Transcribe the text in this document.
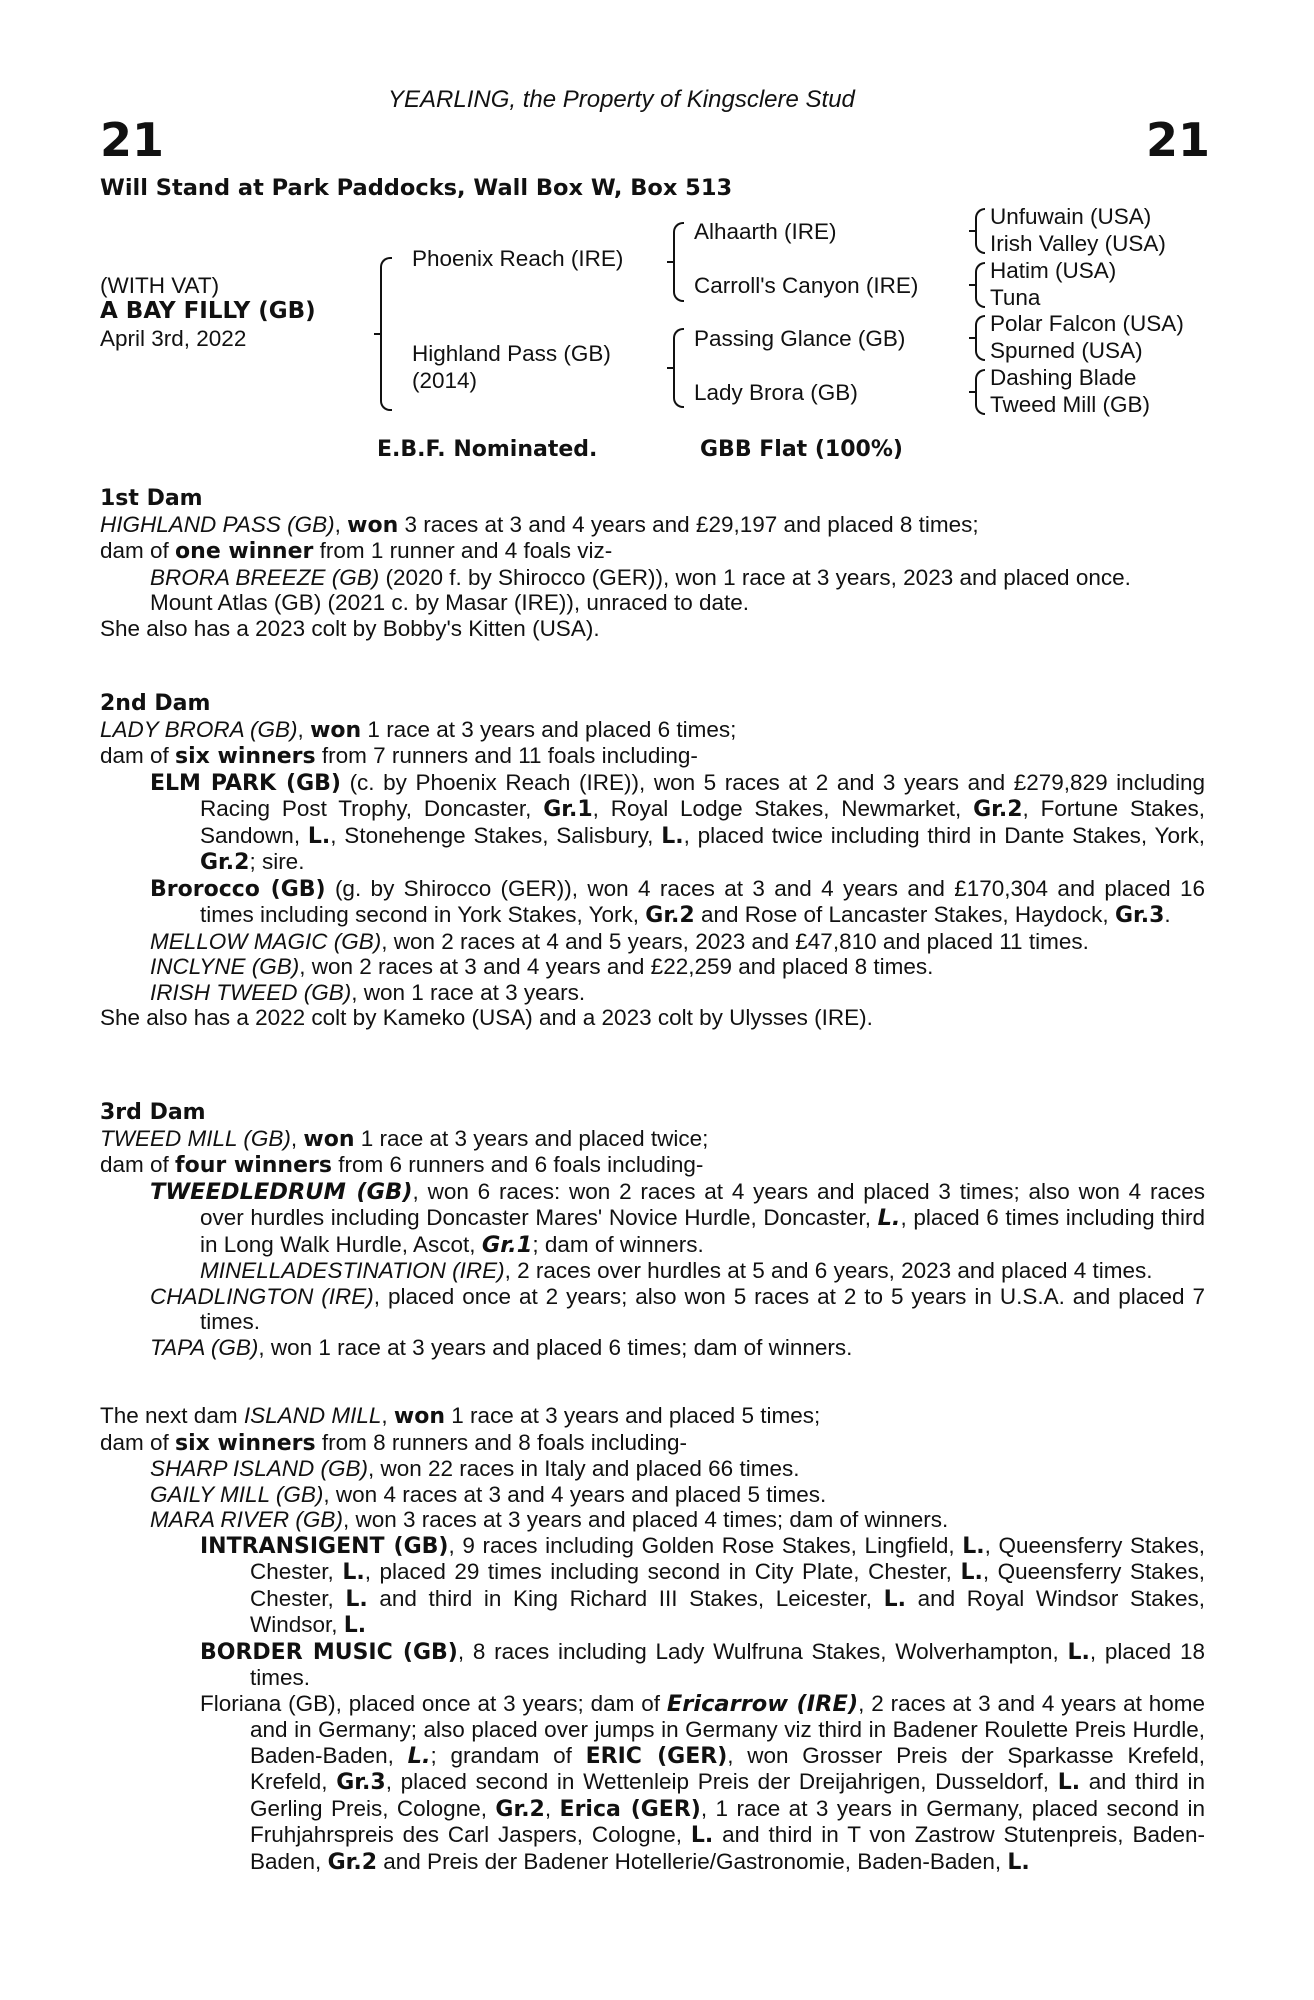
YEARLING, the Property of Kingsclere Stud
21	21
Will Stand at Park Paddocks, Wall Box W, Box 513
(WITH VAT)
A BAY FILLY (GB)
April 3rd, 2022
Phoenix Reach (IRE)
Highland Pass (GB)
(2014)
Alhaarth (IRE)
Carroll's Canyon (IRE)
Passing Glance (GB)
Lady Brora (GB)
Unfuwain (USA)
Irish Valley (USA)
Hatim (USA)
Tuna
Polar Falcon (USA)
Spurned (USA)
Dashing Blade
Tweed Mill (GB)
E.B.F. Nominated.	GBB Flat (100%)

1st Dam

HIGHLAND PASS (GB), won 3 races at 3 and 4 years and £29,197 and placed 8 times;

dam of one winner from 1 runner and 4 foals viz-

BRORA BREEZE (GB) (2020 f. by Shirocco (GER)), won 1 race at 3 years, 2023 and placed once.

Mount Atlas (GB) (2021 c. by Masar (IRE)), unraced to date.

She also has a 2023 colt by Bobby's Kitten (USA).

2nd Dam

LADY BRORA (GB), won 1 race at 3 years and placed 6 times;

dam of six winners from 7 runners and 11 foals including-

ELM PARK (GB) (c. by Phoenix Reach (IRE)), won 5 races at 2 and 3 years and £279,829 including Racing Post Trophy, Doncaster, Gr.1, Royal Lodge Stakes, Newmarket, Gr.2, Fortune Stakes, Sandown, L., Stonehenge Stakes, Salisbury, L., placed twice including third in Dante Stakes, York, Gr.2; sire.

Brorocco (GB) (g. by Shirocco (GER)), won 4 races at 3 and 4 years and £170,304 and placed 16 times including second in York Stakes, York, Gr.2 and Rose of Lancaster Stakes, Haydock, Gr.3.

MELLOW MAGIC (GB), won 2 races at 4 and 5 years, 2023 and £47,810 and placed 11 times.

INCLYNE (GB), won 2 races at 3 and 4 years and £22,259 and placed 8 times.

IRISH TWEED (GB), won 1 race at 3 years.

She also has a 2022 colt by Kameko (USA) and a 2023 colt by Ulysses (IRE).

3rd Dam

TWEED MILL (GB), won 1 race at 3 years and placed twice;

dam of four winners from 6 runners and 6 foals including-

TWEEDLEDRUM (GB), won 6 races: won 2 races at 4 years and placed 3 times; also won 4 races over hurdles including Doncaster Mares' Novice Hurdle, Doncaster, L., placed 6 times including third in Long Walk Hurdle, Ascot, Gr.1; dam of winners.

MINELLADESTINATION (IRE), 2 races over hurdles at 5 and 6 years, 2023 and placed 4 times.

CHADLINGTON (IRE), placed once at 2 years; also won 5 races at 2 to 5 years in U.S.A. and placed 7 times.

TAPA (GB), won 1 race at 3 years and placed 6 times; dam of winners.

The next dam ISLAND MILL, won 1 race at 3 years and placed 5 times;

dam of six winners from 8 runners and 8 foals including-

SHARP ISLAND (GB), won 22 races in Italy and placed 66 times.

GAILY MILL (GB), won 4 races at 3 and 4 years and placed 5 times.

MARA RIVER (GB), won 3 races at 3 years and placed 4 times; dam of winners.

INTRANSIGENT (GB), 9 races including Golden Rose Stakes, Lingfield, L., Queensferry Stakes, Chester, L., placed 29 times including second in City Plate, Chester, L., Queensferry Stakes, Chester, L. and third in King Richard III Stakes, Leicester, L. and Royal Windsor Stakes, Windsor, L.

BORDER MUSIC (GB), 8 races including Lady Wulfruna Stakes, Wolverhampton, L., placed 18 times.

Floriana (GB), placed once at 3 years; dam of Ericarrow (IRE), 2 races at 3 and 4 years at home and in Germany; also placed over jumps in Germany viz third in Badener Roulette Preis Hurdle, Baden-Baden, L.; grandam of ERIC (GER), won Grosser Preis der Sparkasse Krefeld, Krefeld, Gr.3, placed second in Wettenleip Preis der Dreijahrigen, Dusseldorf, L. and third in Gerling Preis, Cologne, Gr.2, Erica (GER), 1 race at 3 years in Germany, placed second in Fruhjahrspreis des Carl Jaspers, Cologne, L. and third in T von Zastrow Stutenpreis, Baden-Baden, Gr.2 and Preis der Badener Hotellerie/Gastronomie, Baden-Baden, L.
